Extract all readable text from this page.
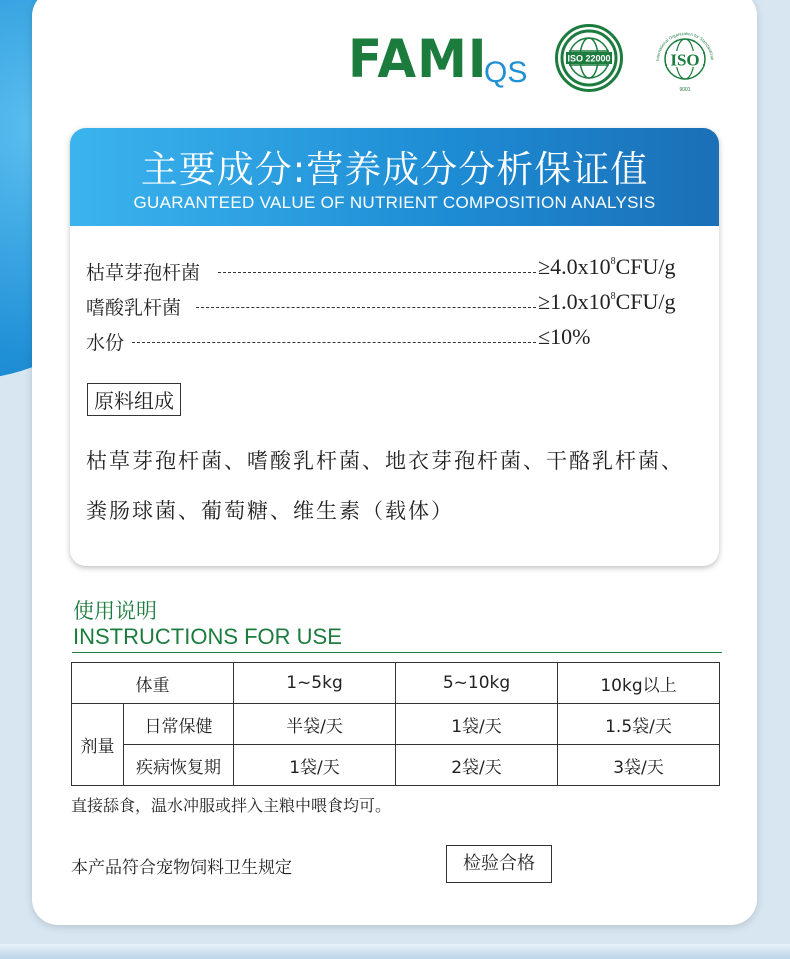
FAMI
QS	ISO 22000	ISO
9001
International Organization for Standardizati
主要成分:营养成分分析保证值
GUARANTEED VALUE OF NUTRIENT COMPOSITION ANALYSIS
枯草芽孢杆菌	$\ge 4.0x10^8CFU/g$
嗜酸乳杆菌	$\ge 1.0x10^8CFU/g$
水份	≤10%
原料组成
枯草芽孢杆菌、嗜酸乳杆菌、地衣芽孢杆菌、干酪乳杆菌、粪肠球菌、葡萄糖、维生素（载体）
使用说明
INSTRUCTIONS FOR USE
体重		1~5kg	5~10kg	10kg以上
剂量	日常保健	半袋/天	1袋/天	1.5袋/天
	疾病恢复期	1袋/天	2袋/天	3袋/天
直接舔食，温水冲服或拌入主粮中喂食均可。
本产品符合宠物饲料卫生规定	检验合格
